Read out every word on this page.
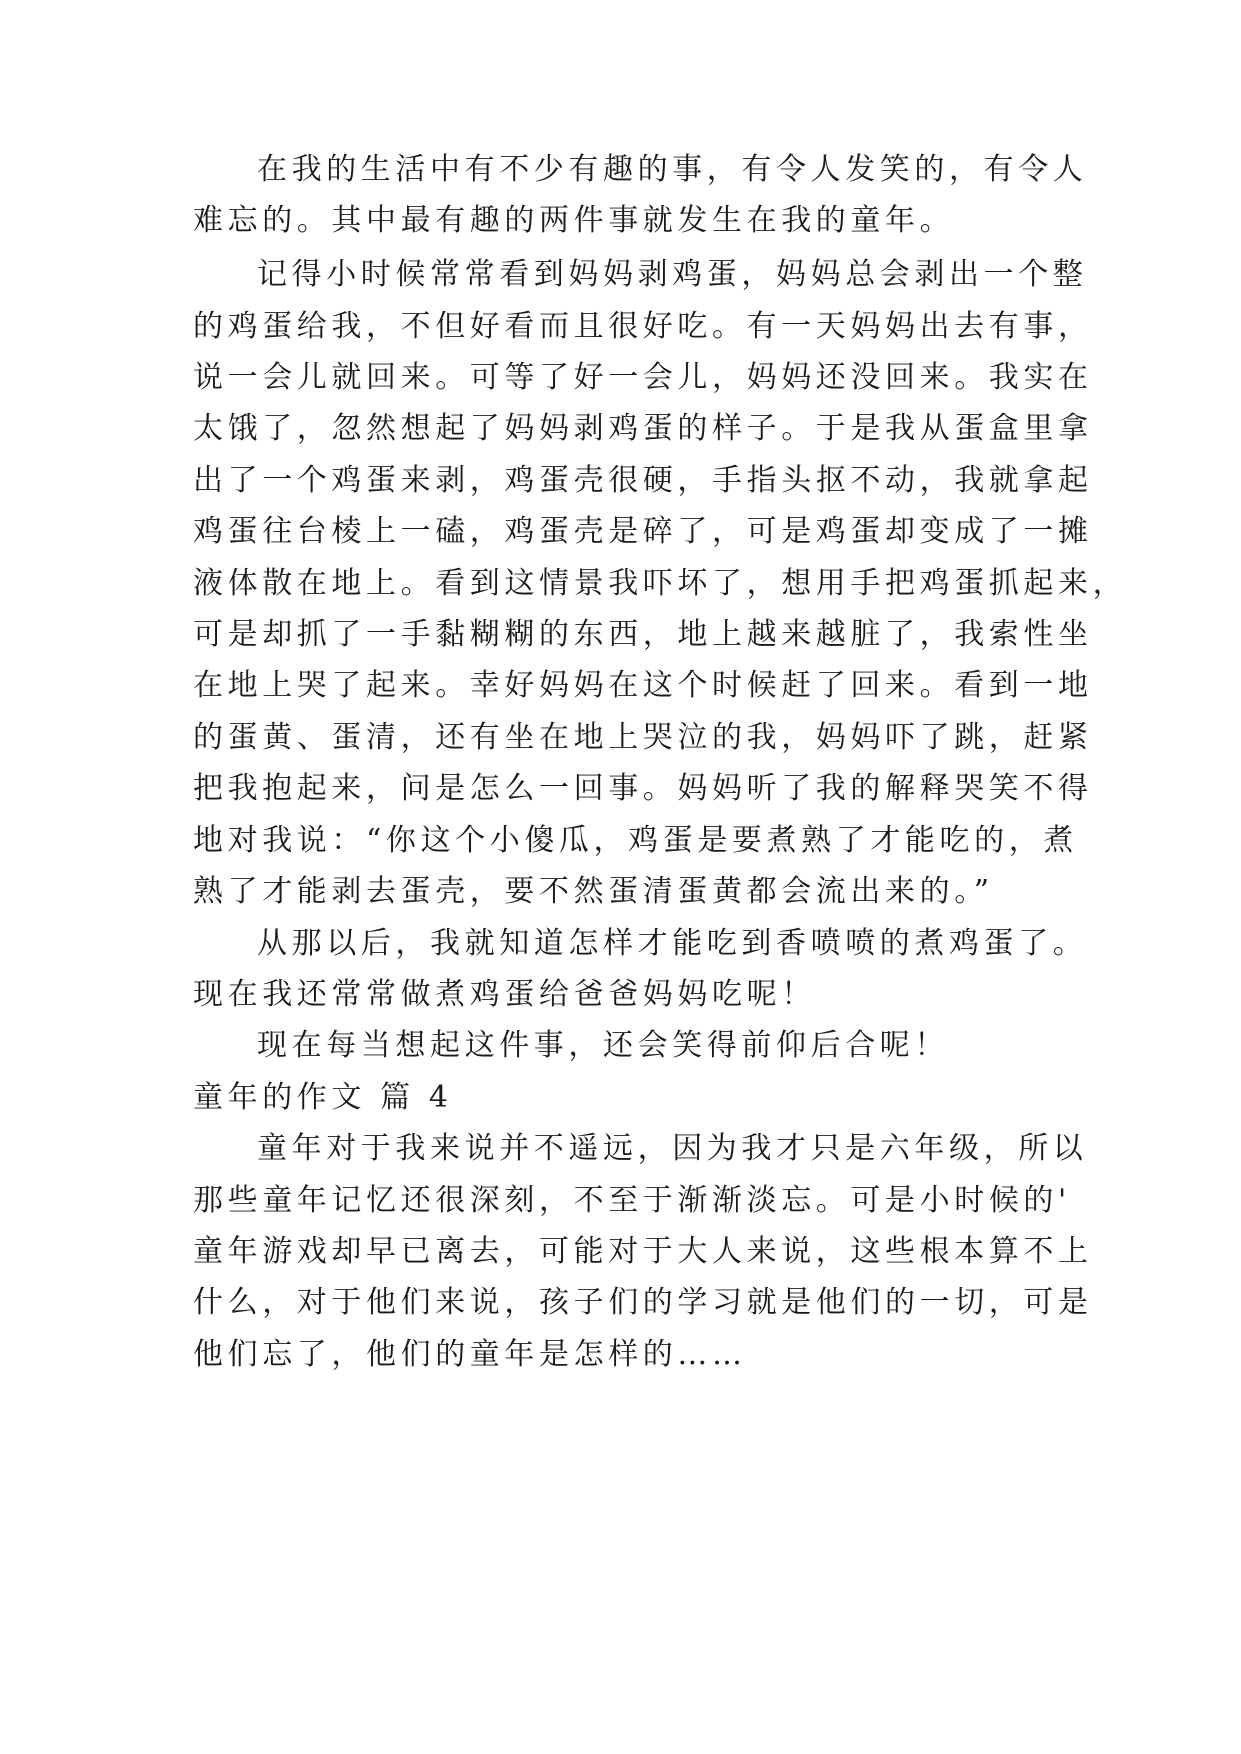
在我的生活中有不少有趣的事，有令人发笑的，有令人

难忘的。其中最有趣的两件事就发生在我的童年。

记得小时候常常看到妈妈剥鸡蛋，妈妈总会剥出一个整

的鸡蛋给我，不但好看而且很好吃。有一天妈妈出去有事，

说一会儿就回来。可等了好一会儿，妈妈还没回来。我实在

太饿了，忽然想起了妈妈剥鸡蛋的样子。于是我从蛋盒里拿

出了一个鸡蛋来剥，鸡蛋壳很硬，手指头抠不动，我就拿起

鸡蛋往台棱上一磕，鸡蛋壳是碎了，可是鸡蛋却变成了一摊

液体散在地上。看到这情景我吓坏了，想用手把鸡蛋抓起来，

可是却抓了一手黏糊糊的东西，地上越来越脏了，我索性坐

在地上哭了起来。幸好妈妈在这个时候赶了回来。看到一地

的蛋黄、蛋清，还有坐在地上哭泣的我，妈妈吓了跳，赶紧

把我抱起来，问是怎么一回事。妈妈听了我的解释哭笑不得

地对我说：“你这个小傻瓜，鸡蛋是要煮熟了才能吃的，煮

熟了才能剥去蛋壳，要不然蛋清蛋黄都会流出来的。”

从那以后，我就知道怎样才能吃到香喷喷的煮鸡蛋了。

现在我还常常做煮鸡蛋给爸爸妈妈吃呢！

现在每当想起这件事，还会笑得前仰后合呢！

童年的作文 篇 4

童年对于我来说并不遥远，因为我才只是六年级，所以

那些童年记忆还很深刻，不至于渐渐淡忘。可是小时候的'

童年游戏却早已离去，可能对于大人来说，这些根本算不上

什么，对于他们来说，孩子们的学习就是他们的一切，可是

他们忘了，他们的童年是怎样的……
